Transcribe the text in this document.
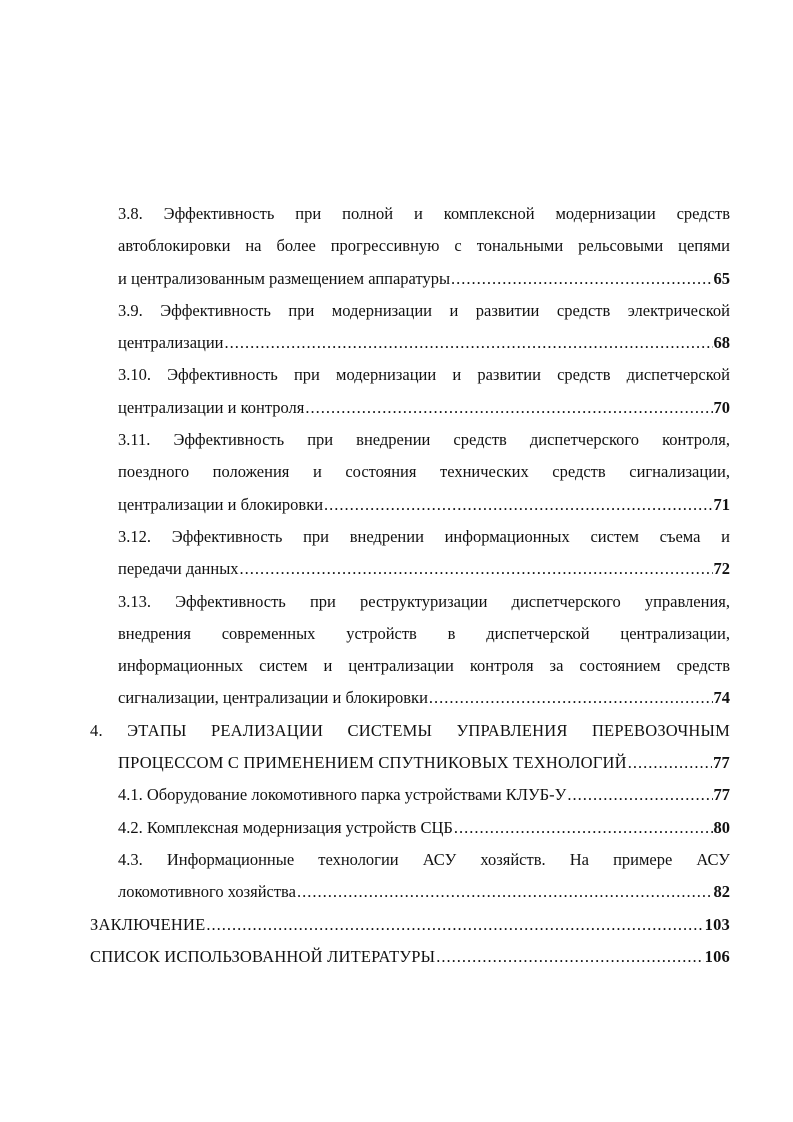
3.8. Эффективность при полной и комплексной модернизации средств
автоблокировки на более прогрессивную с тональными рельсовыми цепями
и централизованным размещением аппаратуры .....	65
3.9. Эффективность при модернизации и развитии средств электрической
централизации .....	68
3.10. Эффективность при модернизации и развитии средств диспетчерской
централизации и контроля .....	70
3.11. Эффективность при внедрении средств диспетчерского контроля,
поездного положения и состояния технических средств сигнализации,
централизации и блокировки .....	71
3.12. Эффективность при внедрении информационных систем съема и
передачи данных .....	72
3.13. Эффективность при реструктуризации диспетчерского управления,
внедрения современных устройств в диспетчерской централизации,
информационных систем и централизации контроля за состоянием средств
сигнализации, централизации и блокировки .....	74
4. ЭТАПЫ РЕАЛИЗАЦИИ СИСТЕМЫ УПРАВЛЕНИЯ ПЕРЕВОЗОЧНЫМ
ПРОЦЕССОМ С ПРИМЕНЕНИЕМ СПУТНИКОВЫХ ТЕХНОЛОГИЙ .....	77
4.1. Оборудование локомотивного парка устройствами КЛУБ-У .....	77
4.2. Комплексная модернизация устройств СЦБ .....	80
4.3. Информационные технологии АСУ хозяйств. На примере АСУ
локомотивного хозяйства .....	82
ЗАКЛЮЧЕНИЕ .....	103
СПИСОК ИСПОЛЬЗОВАННОЙ ЛИТЕРАТУРЫ .....	106
